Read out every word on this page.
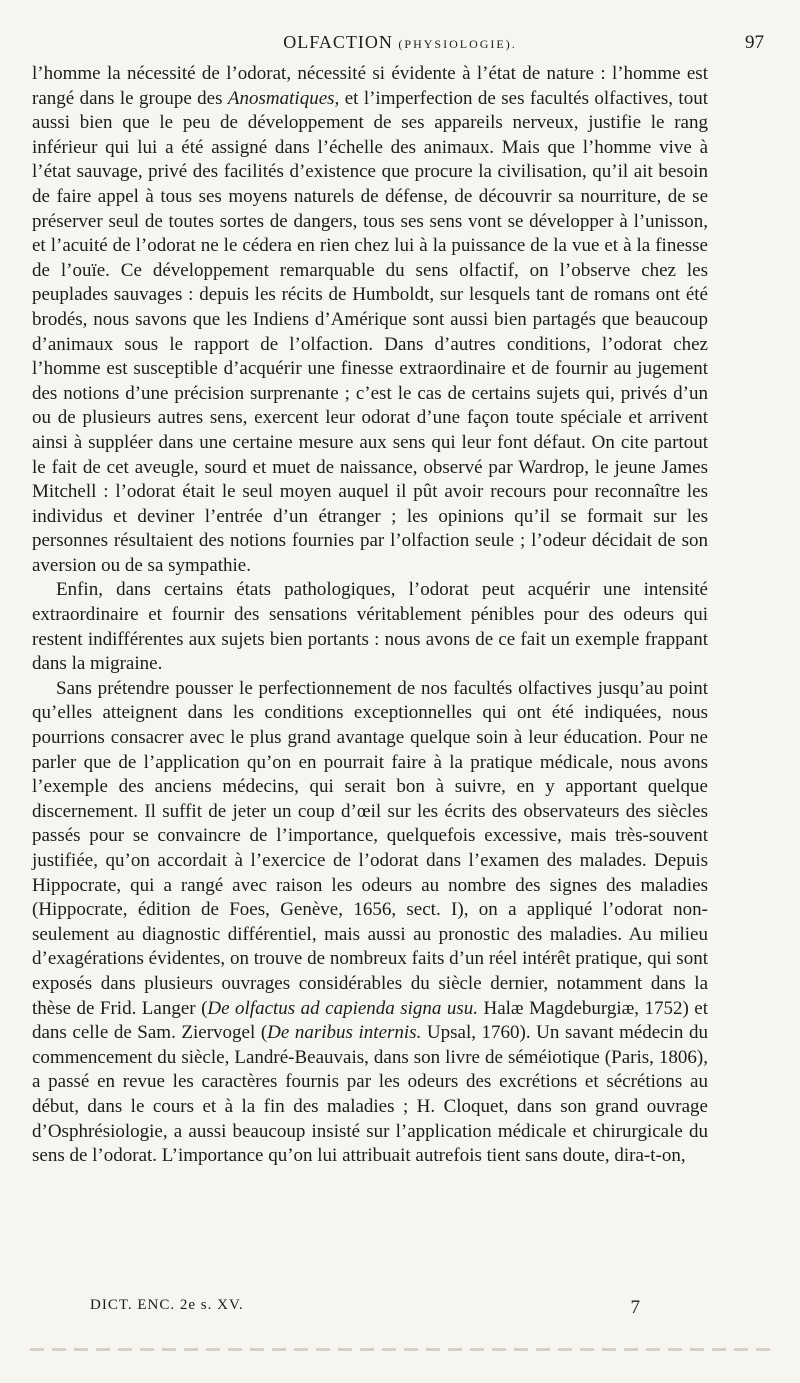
OLFACTION (PHYSIOLOGIE).	97

l’homme la nécessité de l’odorat, nécessité si évidente à l’état de nature : l’homme est rangé dans le groupe des Anosmatiques, et l’imperfection de ses facultés olfactives, tout aussi bien que le peu de développement de ses appareils nerveux, justifie le rang inférieur qui lui a été assigné dans l’échelle des animaux. Mais que l’homme vive à l’état sauvage, privé des facilités d’existence que procure la civilisation, qu’il ait besoin de faire appel à tous ses moyens naturels de défense, de découvrir sa nourriture, de se préserver seul de toutes sortes de dangers, tous ses sens vont se développer à l’unisson, et l’acuité de l’odorat ne le cédera en rien chez lui à la puissance de la vue et à la finesse de l’ouïe. Ce développement remarquable du sens olfactif, on l’observe chez les peuplades sauvages : depuis les récits de Humboldt, sur lesquels tant de romans ont été brodés, nous savons que les Indiens d’Amérique sont aussi bien partagés que beaucoup d’animaux sous le rapport de l’olfaction. Dans d’autres conditions, l’odorat chez l’homme est susceptible d’acquérir une finesse extraordinaire et de fournir au jugement des notions d’une précision surprenante ; c’est le cas de certains sujets qui, privés d’un ou de plusieurs autres sens, exercent leur odorat d’une façon toute spéciale et arrivent ainsi à suppléer dans une certaine mesure aux sens qui leur font défaut. On cite partout le fait de cet aveugle, sourd et muet de naissance, observé par Wardrop, le jeune James Mitchell : l’odorat était le seul moyen auquel il pût avoir recours pour reconnaître les individus et deviner l’entrée d’un étranger ; les opinions qu’il se formait sur les personnes résultaient des notions fournies par l’olfaction seule ; l’odeur décidait de son aversion ou de sa sympathie.

Enfin, dans certains états pathologiques, l’odorat peut acquérir une intensité extraordinaire et fournir des sensations véritablement pénibles pour des odeurs qui restent indifférentes aux sujets bien portants : nous avons de ce fait un exemple frappant dans la migraine.

Sans prétendre pousser le perfectionnement de nos facultés olfactives jusqu’au point qu’elles atteignent dans les conditions exceptionnelles qui ont été indiquées, nous pourrions consacrer avec le plus grand avantage quelque soin à leur éducation. Pour ne parler que de l’application qu’on en pourrait faire à la pratique médicale, nous avons l’exemple des anciens médecins, qui serait bon à suivre, en y apportant quelque discernement. Il suffit de jeter un coup d’œil sur les écrits des observateurs des siècles passés pour se convaincre de l’importance, quelquefois excessive, mais très-souvent justifiée, qu’on accordait à l’exercice de l’odorat dans l’examen des malades. Depuis Hippocrate, qui a rangé avec raison les odeurs au nombre des signes des maladies (Hippocrate, édition de Foes, Genève, 1656, sect. I), on a appliqué l’odorat non-seulement au diagnostic différentiel, mais aussi au pronostic des maladies. Au milieu d’exagérations évidentes, on trouve de nombreux faits d’un réel intérêt pratique, qui sont exposés dans plusieurs ouvrages considérables du siècle dernier, notamment dans la thèse de Frid. Langer (De olfactus ad capienda signa usu. Halæ Magdeburgiæ, 1752) et dans celle de Sam. Ziervogel (De naribus internis. Upsal, 1760). Un savant médecin du commencement du siècle, Landré-Beauvais, dans son livre de séméiotique (Paris, 1806), a passé en revue les caractères fournis par les odeurs des excrétions et sécrétions au début, dans le cours et à la fin des maladies ; H. Cloquet, dans son grand ouvrage d’Osphrésiologie, a aussi beaucoup insisté sur l’application médicale et chirurgicale du sens de l’odorat. L’importance qu’on lui attribuait autrefois tient sans doute, dira-t-on,

DICT. ENC. 2e s. XV.	7
